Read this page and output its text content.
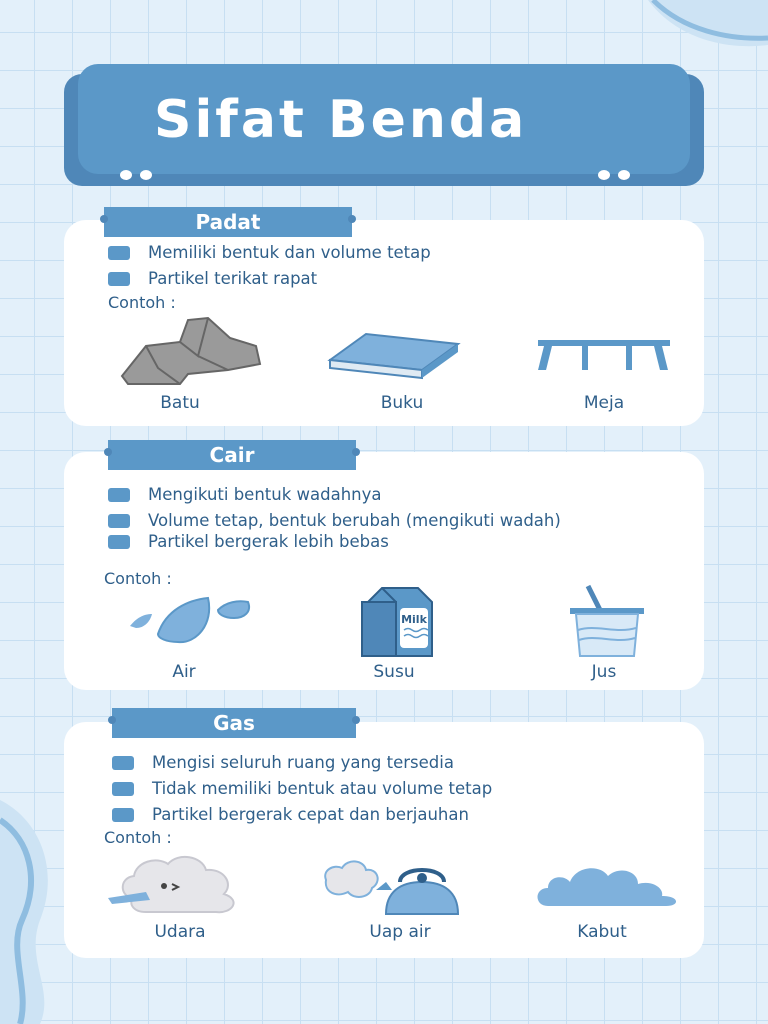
Sifat Benda
Memiliki bentuk dan volume tetap
Partikel terikat rapat
Contoh :
Batu	Buku	Meja
Padat
Mengikuti bentuk wadahnya
Volume tetap, bentuk berubah (mengikuti wadah)
Partikel bergerak lebih bebas
Contoh :
Milk
Air	Susu	Jus
Cair
Mengisi seluruh ruang yang tersedia
Tidak memiliki bentuk atau volume tetap
Partikel bergerak cepat dan berjauhan
Contoh :
Udara	Uap air	Kabut
Gas
